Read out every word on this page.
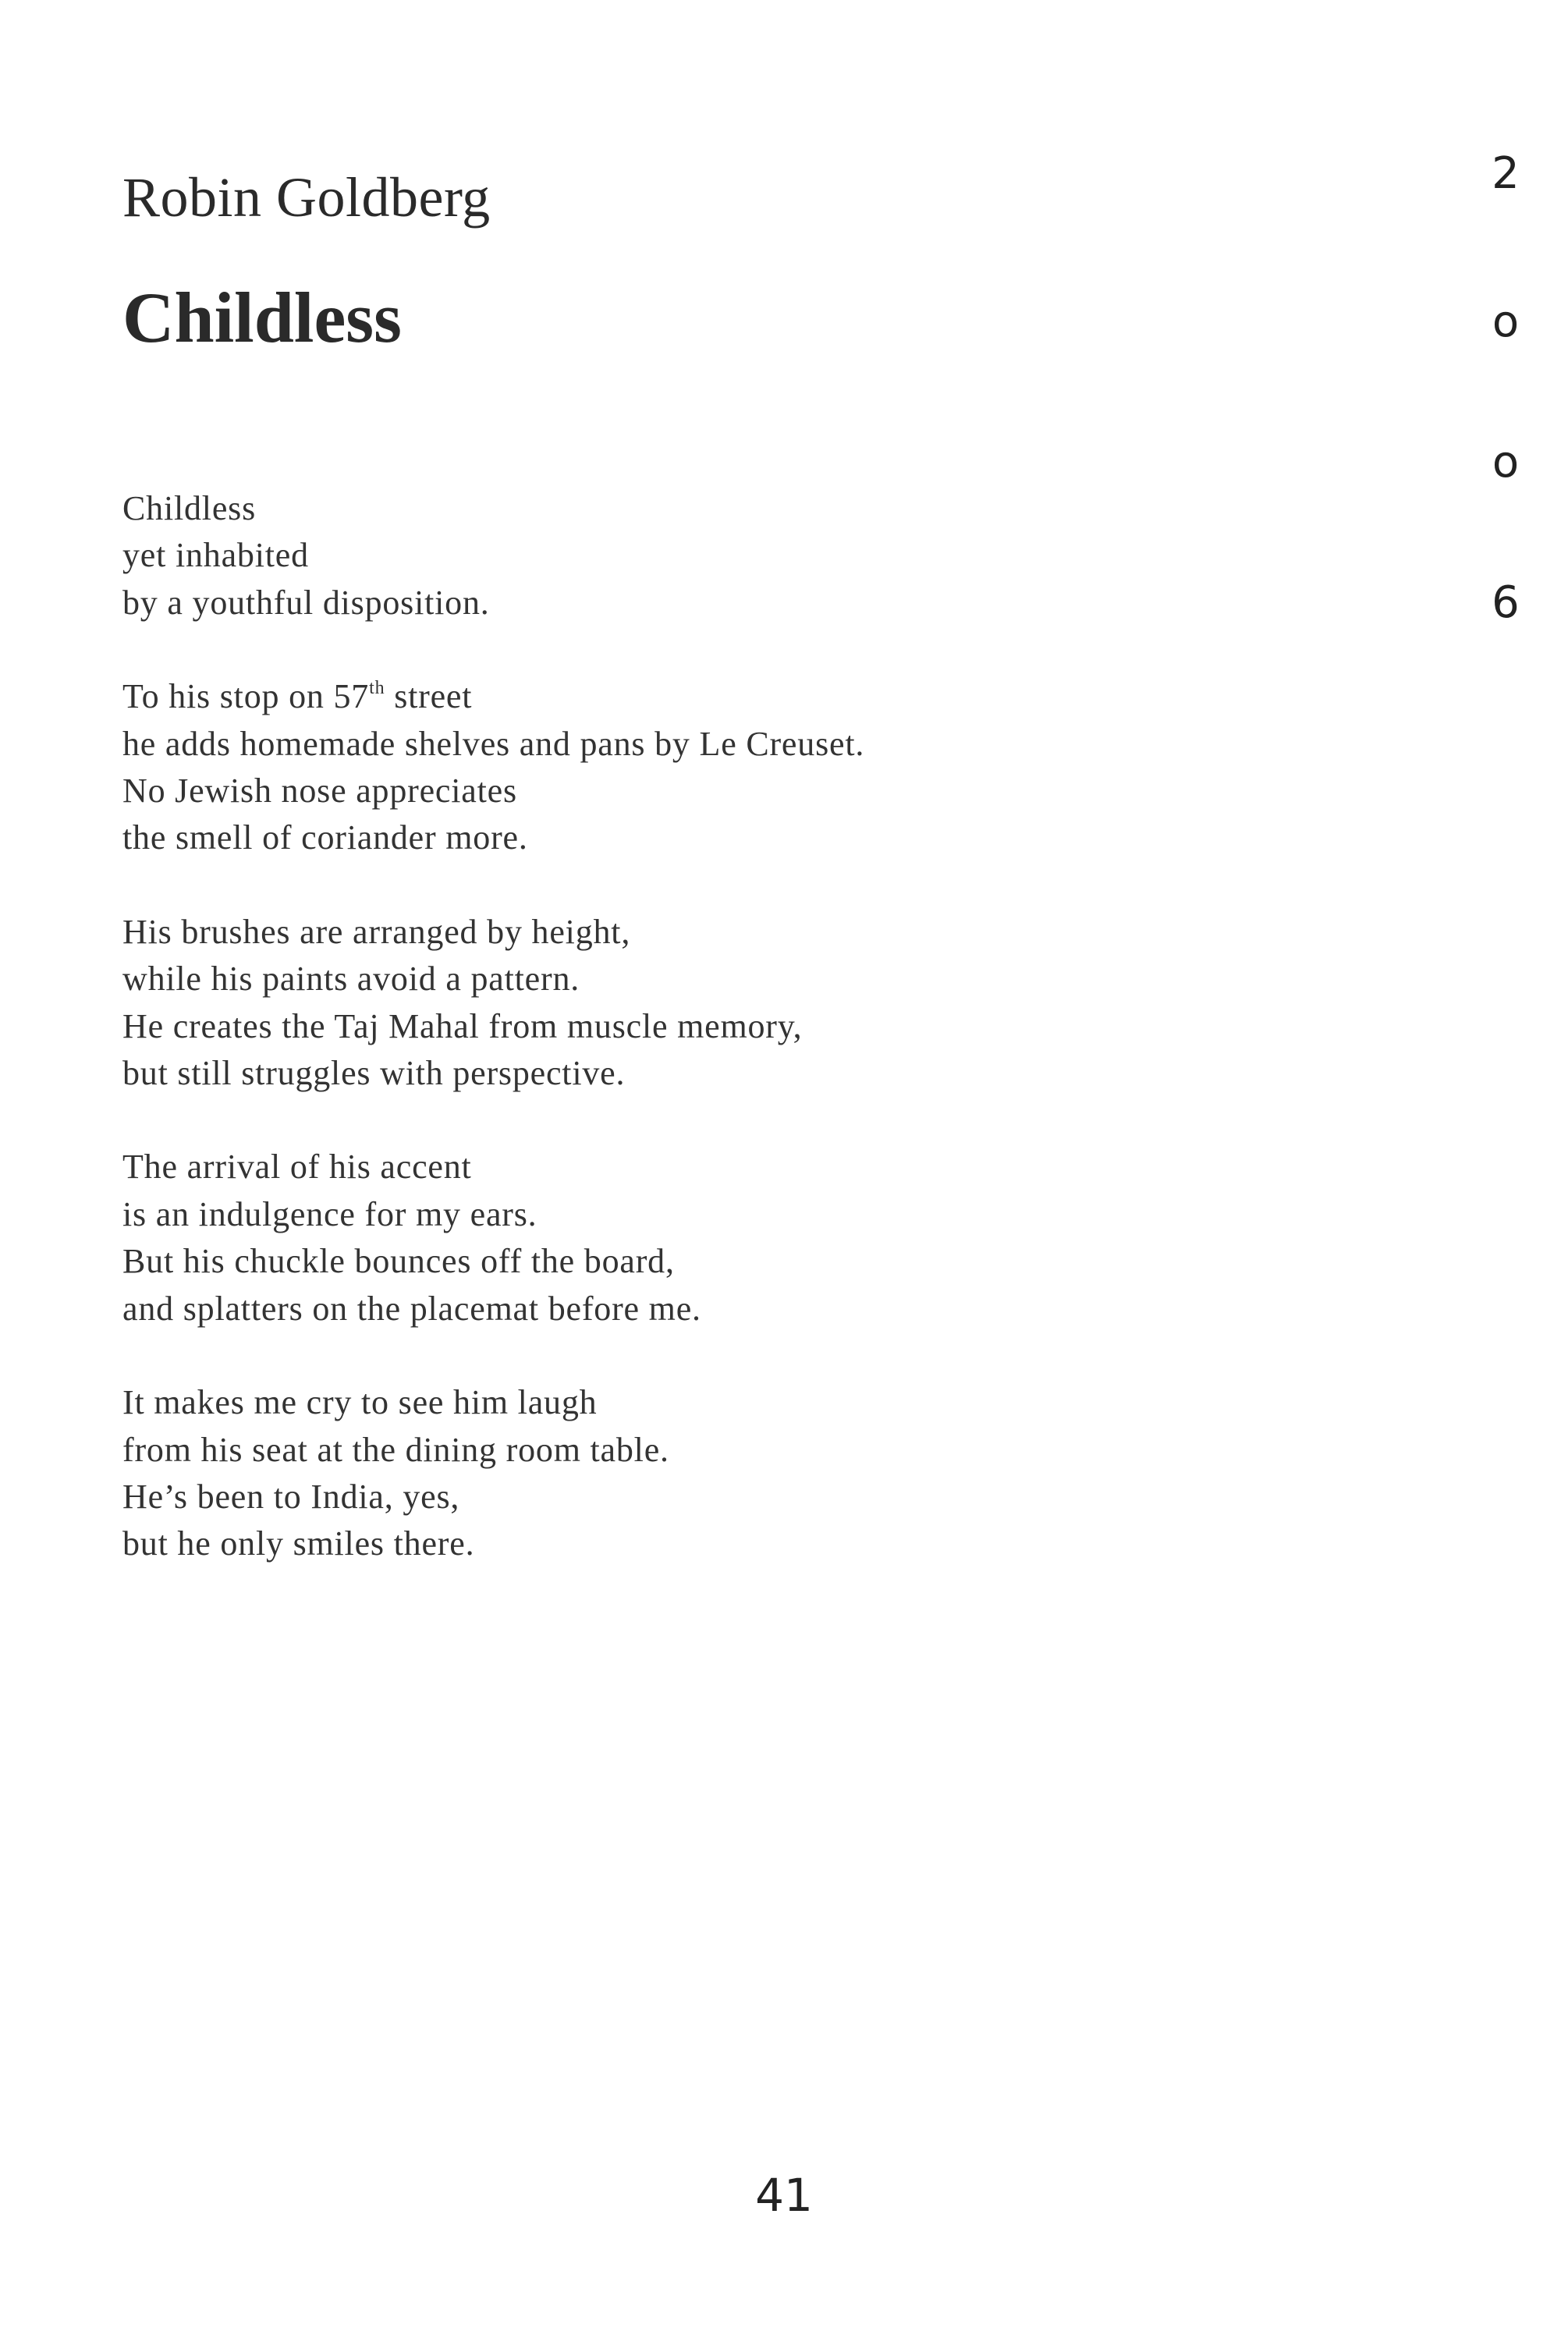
Robin Goldberg
Childless
2
o
o
6
Childless
yet inhabited
by a youthful disposition.
To his stop on 57th street
he adds homemade shelves and pans by Le Creuset.
No Jewish nose appreciates
the smell of coriander more.
His brushes are arranged by height,
while his paints avoid a pattern.
He creates the Taj Mahal from muscle memory,
but still struggles with perspective.
The arrival of his accent
is an indulgence for my ears.
But his chuckle bounces off the board,
and splatters on the placemat before me.
It makes me cry to see him laugh
from his seat at the dining room table.
He’s been to India, yes,
but he only smiles there.
41
